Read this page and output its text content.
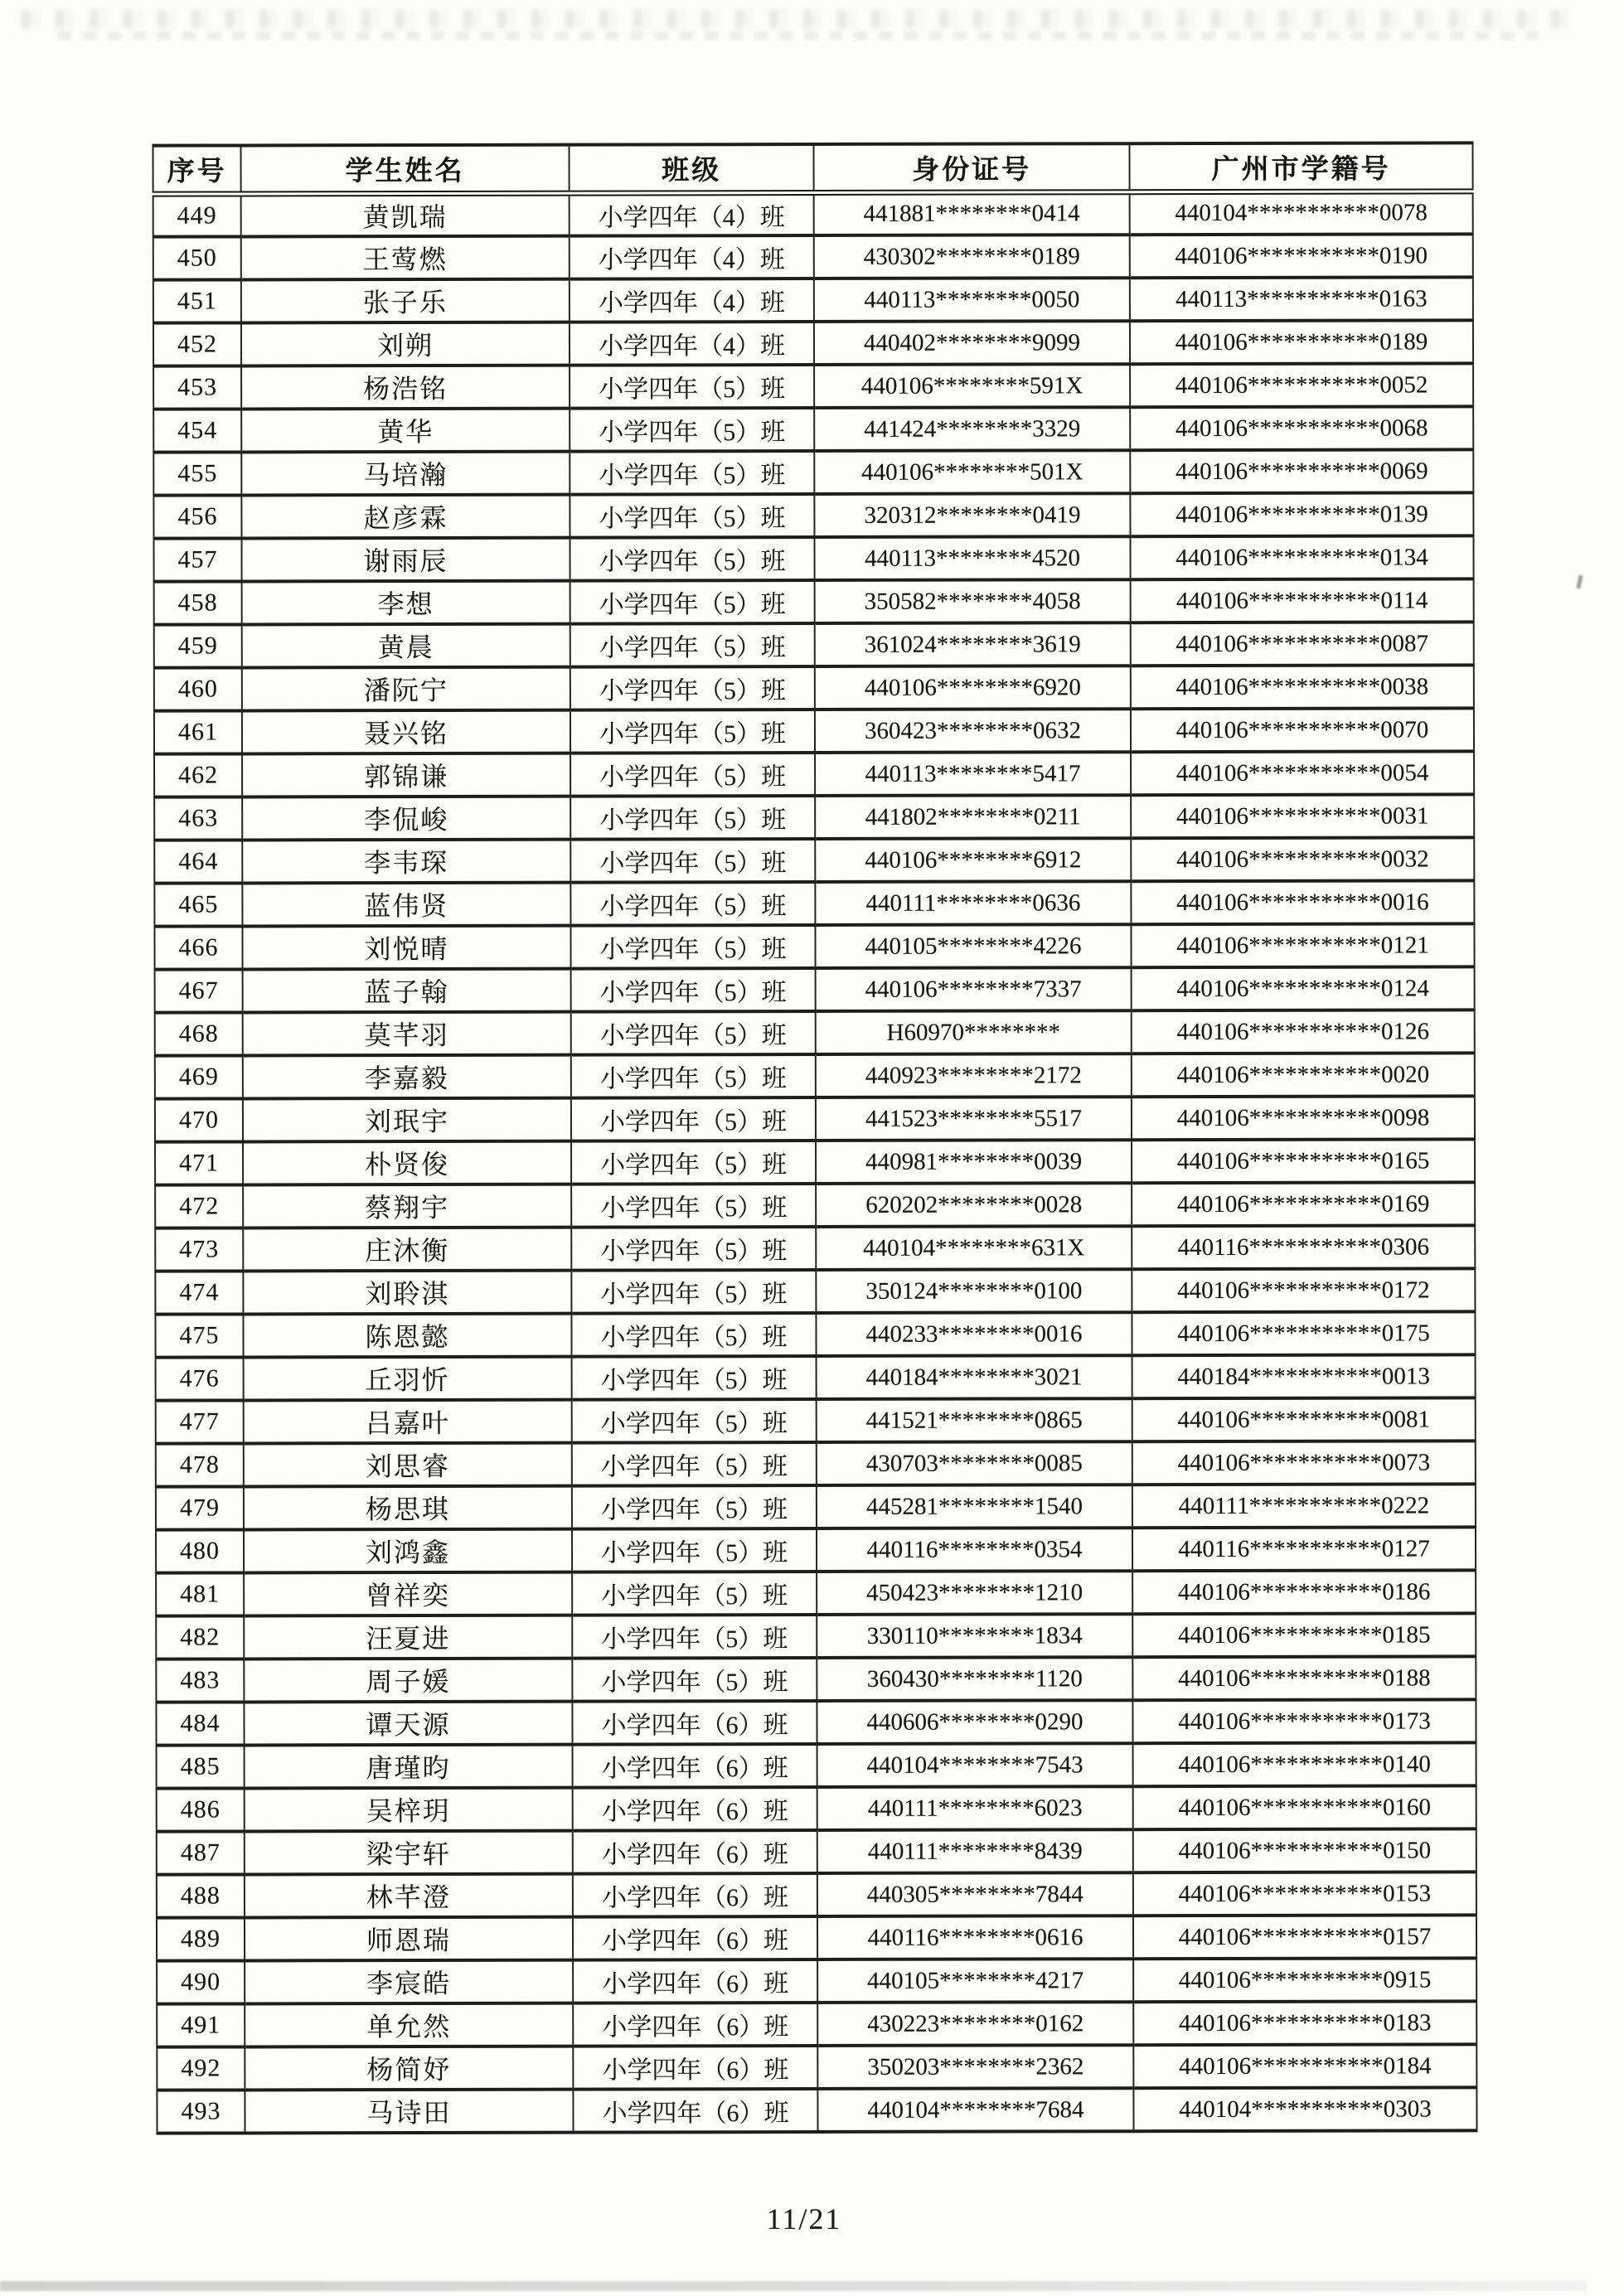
序号	学生姓名	班级	身份证号	广州市学籍号
449	黄凯瑞	小学四年（4）班	441881********0414	440104***********0078
450	王莺燃	小学四年（4）班	430302********0189	440106***********0190
451	张子乐	小学四年（4）班	440113********0050	440113***********0163
452	刘朔	小学四年（4）班	440402********9099	440106***********0189
453	杨浩铭	小学四年（5）班	440106********591X	440106***********0052
454	黄华	小学四年（5）班	441424********3329	440106***********0068
455	马培瀚	小学四年（5）班	440106********501X	440106***********0069
456	赵彦霖	小学四年（5）班	320312********0419	440106***********0139
457	谢雨辰	小学四年（5）班	440113********4520	440106***********0134
458	李想	小学四年（5）班	350582********4058	440106***********0114
459	黄晨	小学四年（5）班	361024********3619	440106***********0087
460	潘阮宁	小学四年（5）班	440106********6920	440106***********0038
461	聂兴铭	小学四年（5）班	360423********0632	440106***********0070
462	郭锦谦	小学四年（5）班	440113********5417	440106***********0054
463	李侃峻	小学四年（5）班	441802********0211	440106***********0031
464	李韦琛	小学四年（5）班	440106********6912	440106***********0032
465	蓝伟贤	小学四年（5）班	440111********0636	440106***********0016
466	刘悦晴	小学四年（5）班	440105********4226	440106***********0121
467	蓝子翰	小学四年（5）班	440106********7337	440106***********0124
468	莫芊羽	小学四年（5）班	H60970********	440106***********0126
469	李嘉毅	小学四年（5）班	440923********2172	440106***********0020
470	刘珉宇	小学四年（5）班	441523********5517	440106***********0098
471	朴贤俊	小学四年（5）班	440981********0039	440106***********0165
472	蔡翔宇	小学四年（5）班	620202********0028	440106***********0169
473	庄沐衡	小学四年（5）班	440104********631X	440116***********0306
474	刘聆淇	小学四年（5）班	350124********0100	440106***********0172
475	陈恩懿	小学四年（5）班	440233********0016	440106***********0175
476	丘羽忻	小学四年（5）班	440184********3021	440184***********0013
477	吕嘉叶	小学四年（5）班	441521********0865	440106***********0081
478	刘思睿	小学四年（5）班	430703********0085	440106***********0073
479	杨思琪	小学四年（5）班	445281********1540	440111***********0222
480	刘鸿鑫	小学四年（5）班	440116********0354	440116***********0127
481	曾祥奕	小学四年（5）班	450423********1210	440106***********0186
482	汪夏进	小学四年（5）班	330110********1834	440106***********0185
483	周子媛	小学四年（5）班	360430********1120	440106***********0188
484	谭天源	小学四年（6）班	440606********0290	440106***********0173
485	唐瑾昀	小学四年（6）班	440104********7543	440106***********0140
486	吴梓玥	小学四年（6）班	440111********6023	440106***********0160
487	梁宇轩	小学四年（6）班	440111********8439	440106***********0150
488	林芊澄	小学四年（6）班	440305********7844	440106***********0153
489	师恩瑞	小学四年（6）班	440116********0616	440106***********0157
490	李宸皓	小学四年（6）班	440105********4217	440106***********0915
491	单允然	小学四年（6）班	430223********0162	440106***********0183
492	杨简妤	小学四年（6）班	350203********2362	440106***********0184
493	马诗田	小学四年（6）班	440104********7684	440104***********0303
11/21
